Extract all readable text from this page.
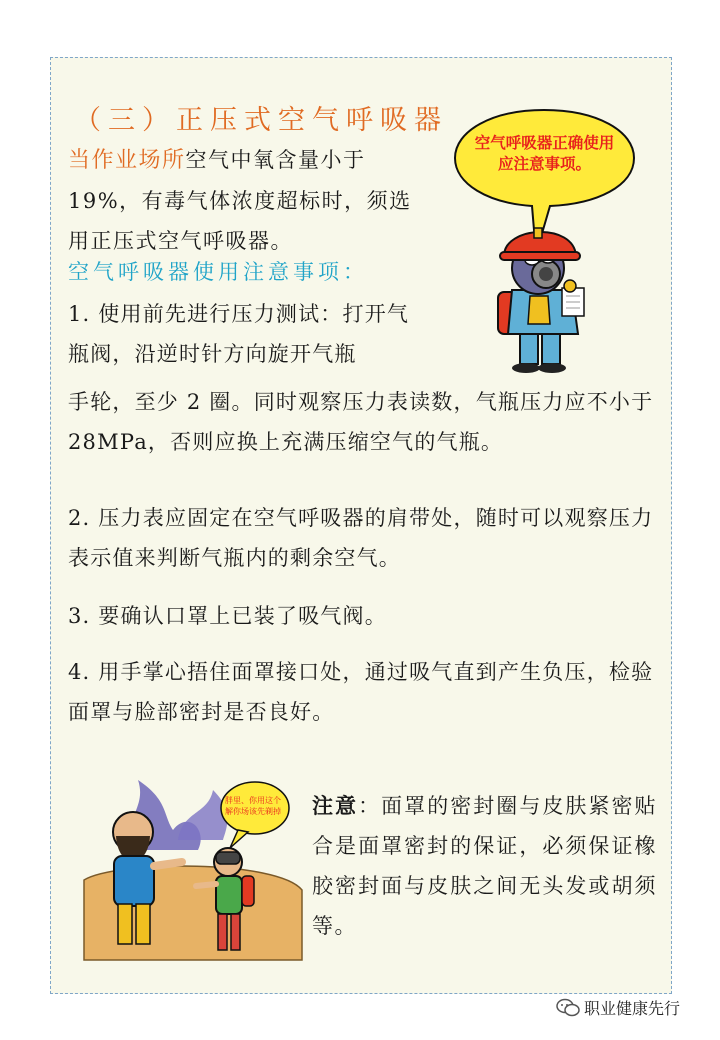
（三）正压式空气呼吸器
当作业场所空气中氧含量小于19%，有毒气体浓度超标时，须选用正压式空气呼吸器。
空气呼吸器使用注意事项：
1. 使用前先进行压力测试：打开气瓶阀，沿逆时针方向旋开气瓶
手轮，至少 2 圈。同时观察压力表读数，气瓶压力应不小于 28MPa，否则应换上充满压缩空气的气瓶。
2. 压力表应固定在空气呼吸器的肩带处，随时可以观察压力表示值来判断气瓶内的剩余空气。
3. 要确认口罩上已装了吸气阀。
4. 用手掌心捂住面罩接口处，通过吸气直到产生负压，检验面罩与脸部密封是否良好。
空气呼吸器正确使用
应注意事项。
胖里、你用这个解你场该先剃掉 注意：面罩的密封圈与皮肤紧密贴合是面罩密封的保证，必须保证橡胶密封面与皮肤之间无头发或胡须等。
职业健康先行
